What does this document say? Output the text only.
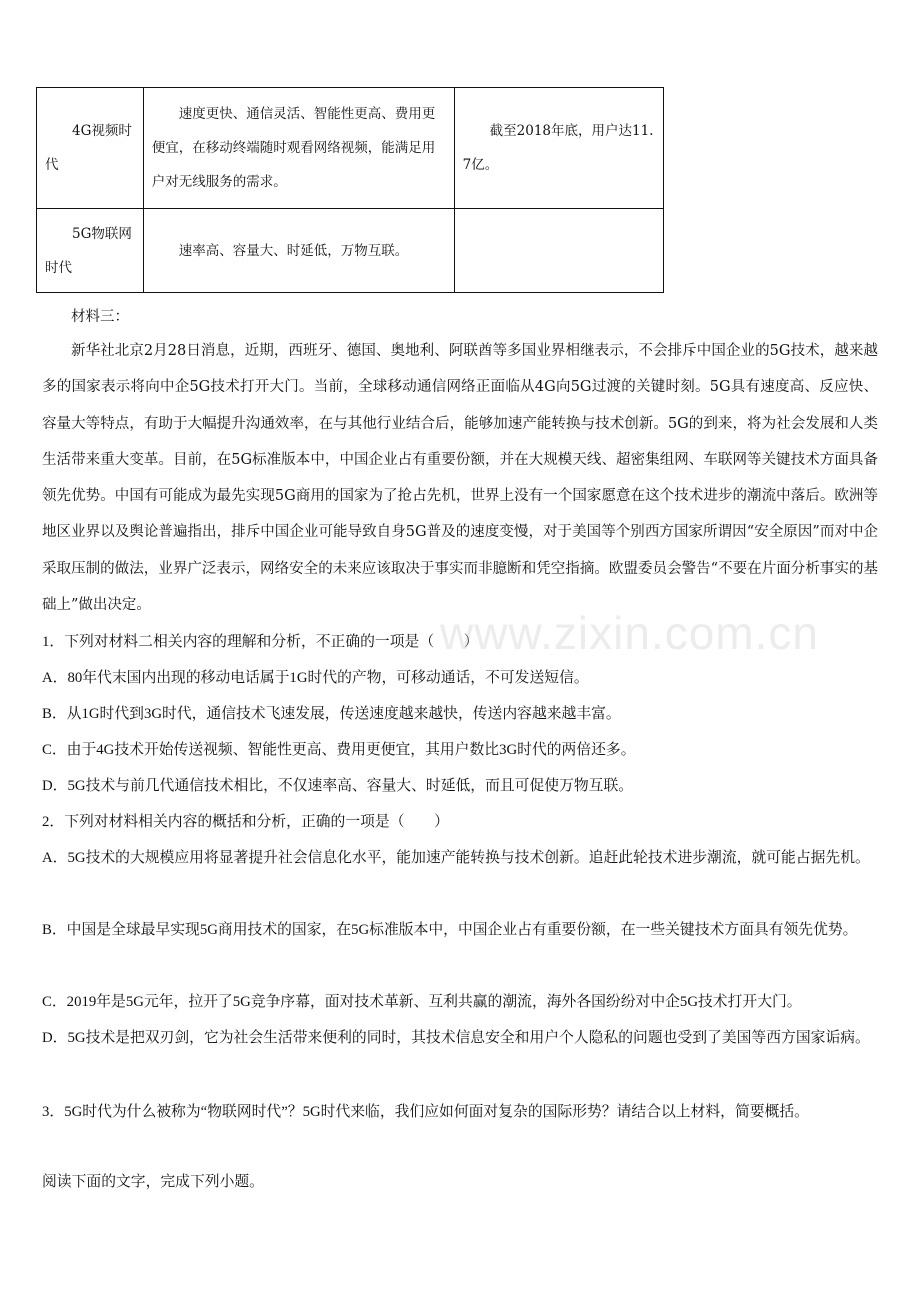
4G视频时代	速度更快、通信灵活、智能性更高、费用更便宜，在移动终端随时观看网络视频，能满足用户对无线服务的需求。	截至2018年底，用户达11.7亿。

5G物联网时代	速率高、容量大、时延低，万物互联。	

材料三：
新华社北京2月28日消息，近期，西班牙、德国、奥地利、阿联酋等多国业界相继表示，不会排斥中国企业的5G技术，越来越多的国家表示将向中企5G技术打开大门。当前，全球移动通信网络正面临从4G向5G过渡的关键时刻。5G具有速度高、反应快、容量大等特点，有助于大幅提升沟通效率，在与其他行业结合后，能够加速产能转换与技术创新。5G的到来，将为社会发展和人类生活带来重大变革。目前，在5G标准版本中，中国企业占有重要份额，并在大规模天线、超密集组网、车联网等关键技术方面具备领先优势。中国有可能成为最先实现5G商用的国家为了抢占先机，世界上没有一个国家愿意在这个技术进步的潮流中落后。欧洲等地区业界以及舆论普遍指出，排斥中国企业可能导致自身5G普及的速度变慢，对于美国等个别西方国家所谓因“安全原因”而对中企采取压制的做法，业界广泛表示，网络安全的未来应该取决于事实而非臆断和凭空指摘。欧盟委员会警告“不要在片面分析事实的基础上”做出决定。
1．下列对材料二相关内容的理解和分析，不正确的一项是（　　）
A．80年代末国内出现的移动电话属于1G时代的产物，可移动通话，不可发送短信。
B．从1G时代到3G时代，通信技术飞速发展，传送速度越来越快，传送内容越来越丰富。
C．由于4G技术开始传送视频、智能性更高、费用更便宜，其用户数比3G时代的两倍还多。
D．5G技术与前几代通信技术相比，不仅速率高、容量大、时延低，而且可促使万物互联。
2．下列对材料相关内容的概括和分析，正确的一项是（　　）
A．5G技术的大规模应用将显著提升社会信息化水平，能加速产能转换与技术创新。追赶此轮技术进步潮流，就可能占据先机。
B．中国是全球最早实现5G商用技术的国家，在5G标准版本中，中国企业占有重要份额，在一些关键技术方面具有领先优势。
C．2019年是5G元年，拉开了5G竞争序幕，面对技术革新、互利共赢的潮流，海外各国纷纷对中企5G技术打开大门。
D．5G技术是把双刃剑，它为社会生活带来便利的同时，其技术信息安全和用户个人隐私的问题也受到了美国等西方国家诟病。
3．5G时代为什么被称为“物联网时代”？5G时代来临，我们应如何面对复杂的国际形势？请结合以上材料，简要概括。
阅读下面的文字，完成下列小题。
www.zixin.com.cn
